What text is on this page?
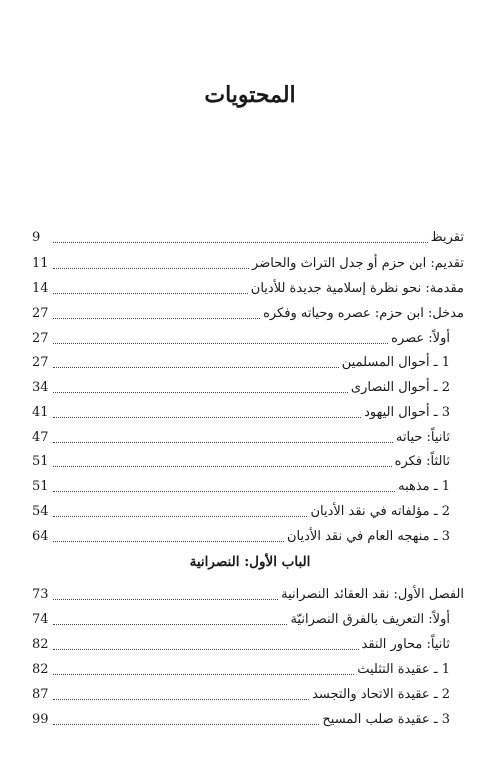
المحتويات
تقريظ
9
تقديم: ابن حزم أو جدل التراث والحاضر
11
مقدمة: نحو نظرة إسلامية جديدة للأديان
14
مدخل: ابن حزم: عصره وحياته وفكره
27
أولاً: عصره
27
1 ـ أحوال المسلمين
27
2 ـ أحوال النصارى
34
3 ـ أحوال اليهود
41
ثانياً: حياته
47
ثالثاً: فكره
51
1 ـ مذهبه
51
2 ـ مؤلفاته في نقد الأديان
54
3 ـ منهجه العام في نقد الأديان
64
الفصل الأول: نقد العقائد النصرانية
73
أولاً: التعريف بالفرق النصرانيّة
74
ثانياً: محاور النقد
82
1 ـ عقيدة التثليث
82
2 ـ عقيدة الاتحاد والتجسد
87
3 ـ عقيدة صلب المسيح
99
الباب الأول: النصرانية
